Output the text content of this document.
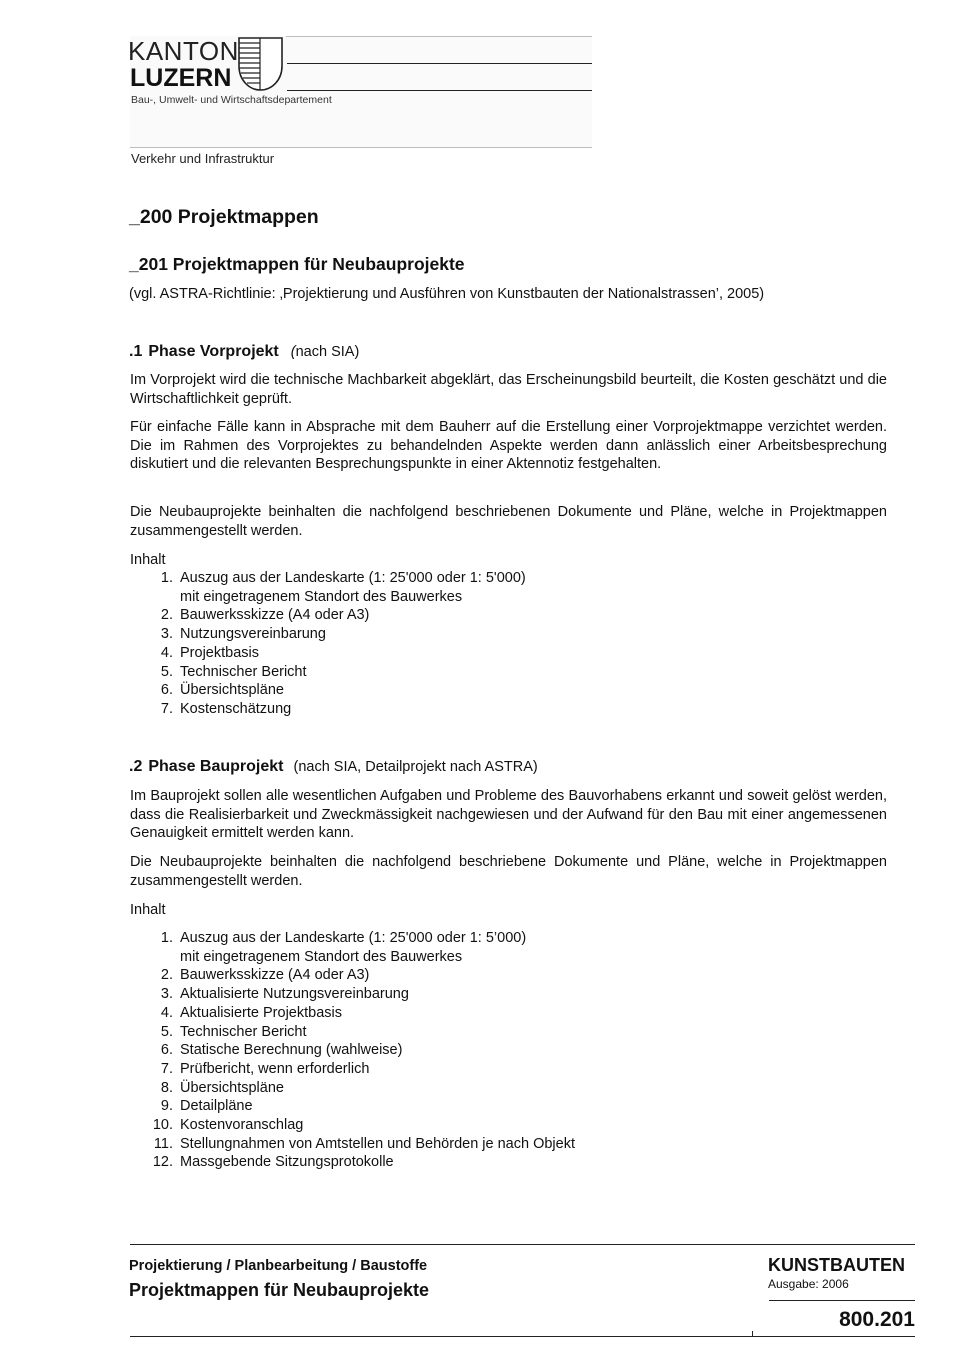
KANTON
LUZERN
Bau-, Umwelt- und Wirtschaftsdepartement
Verkehr und Infrastruktur
_200 Projektmappen
_201 Projektmappen für Neubauprojekte
(vgl. ASTRA-Richtlinie: ‚Projektierung und Ausführen von Kunstbauten der Nationalstrassen’, 2005)
.1 Phase Vorprojekt (nach SIA)

Im Vorprojekt wird die technische Machbarkeit abgeklärt, das Erscheinungsbild beurteilt, die Kosten geschätzt und die Wirtschaftlichkeit geprüft.

Für einfache Fälle kann in Absprache mit dem Bauherr auf die Erstellung einer Vorprojektmappe verzichtet werden. Die im Rahmen des Vorprojektes zu behandelnden Aspekte werden dann anlässlich einer Arbeitsbesprechung diskutiert und die relevanten Besprechungspunkte in einer Aktennotiz festgehalten.

Die Neubauprojekte beinhalten die nachfolgend beschriebenen Dokumente und Pläne, welche in Projektmappen zusammengestellt werden.

Inhalt
1. Auszug aus der Landeskarte (1: 25'000 oder 1: 5'000)
mit eingetragenem Standort des Bauwerkes
2. Bauwerksskizze (A4 oder A3)
3. Nutzungsvereinbarung
4. Projektbasis
5. Technischer Bericht
6. Übersichtspläne
7. Kostenschätzung
.2 Phase Bauprojekt (nach SIA, Detailprojekt nach ASTRA)

Im Bauprojekt sollen alle wesentlichen Aufgaben und Probleme des Bauvorhabens erkannt und soweit gelöst werden, dass die Realisierbarkeit und Zweckmässigkeit nachgewiesen und der Aufwand für den Bau mit einer angemessenen Genauigkeit ermittelt werden kann.

Die Neubauprojekte beinhalten die nachfolgend beschriebene Dokumente und Pläne, welche in Projektmappen zusammengestellt werden.

Inhalt
1. Auszug aus der Landeskarte (1: 25'000 oder 1: 5’000)
mit eingetragenem Standort des Bauwerkes
2. Bauwerksskizze (A4 oder A3)
3. Aktualisierte Nutzungsvereinbarung
4. Aktualisierte Projektbasis
5. Technischer Bericht
6. Statische Berechnung (wahlweise)
7. Prüfbericht, wenn erforderlich
8. Übersichtspläne
9. Detailpläne
10. Kostenvoranschlag
11. Stellungnahmen von Amtstellen und Behörden je nach Objekt
12. Massgebende Sitzungsprotokolle
Projektierung / Planbearbeitung / Baustoffe
Projektmappen für Neubauprojekte
KUNSTBAUTEN
Ausgabe: 2006
800.201
